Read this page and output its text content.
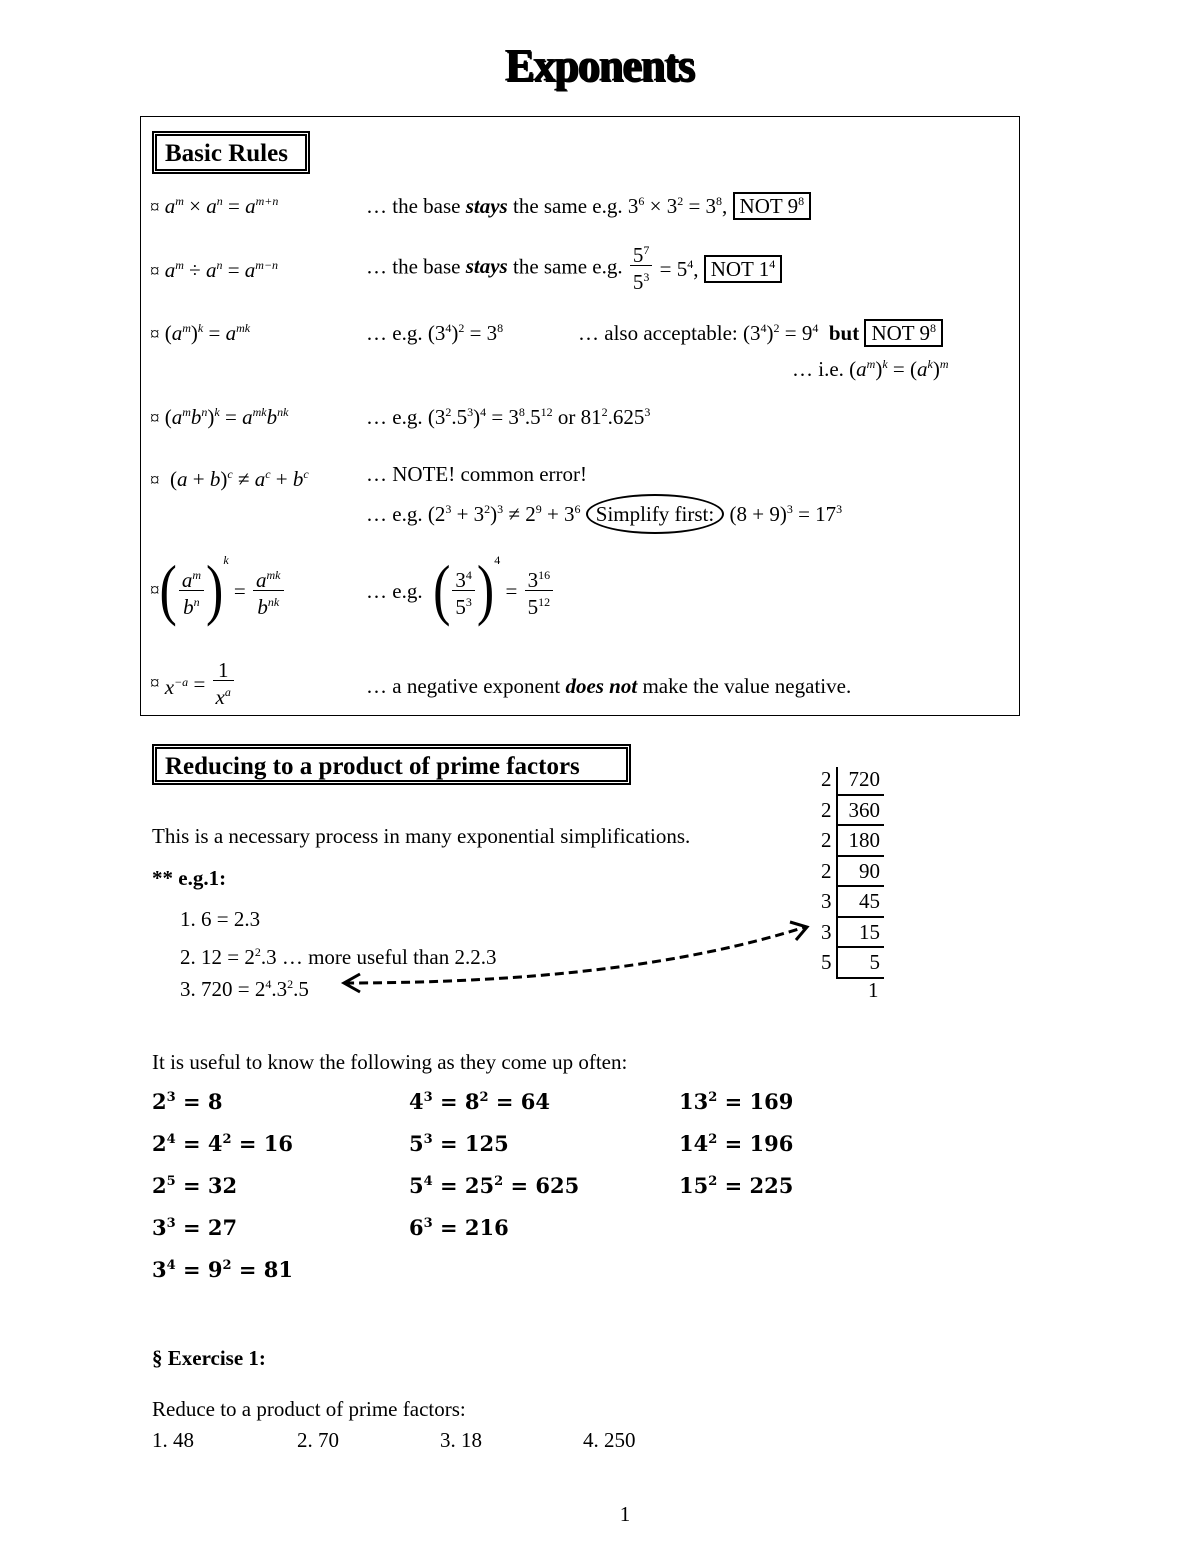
Exponents
Basic Rules
¤ $a^m \times a^n = a^{m+n}$	… the base stays the same e.g. $3^6 \times 3^2 = 3^8$, NOT $9^8$
¤ $a^m \div a^n = a^{m-n}$	… the base stays the same e.g. $\frac{5^7}{5^3} = 5^4$, NOT $1^4$
¤ $(a^m)^k = a^{mk}$	… e.g. $(3^4)^2 = 3^8$	… also acceptable: $(3^4)^2 = 9^4$ but NOT $9^8$
… i.e. $(a^m)^k = (a^k)^m$
¤ $(a^mb^n)^k = a^{mk}b^{nk}$	… e.g. $(3^2.5^3)^4 = 3^8.5^{12}$ or $81^2.625^3$
¤  $(a + b)^c \ne a^c + b^c$	… NOTE! common error!
… e.g. $(2^3 + 3^2)^3 \ne 2^9 + 3^6$ Simplify first: $(8 + 9)^3 = 17^3$
¤( $\frac{a^m}{b^n} )^k = \frac{a^{mk}}{b^{nk}}$	… e.g.  ( $\frac{3^4}{5^3} )^4 = \frac{3^{16}}{5^{12}}$
¤ $x^{-a} = \frac{1}{x^a}$	… a negative exponent does not make the value negative.
Reducing to a product of prime factors
This is a necessary process in many exponential simplifications.
** e.g.1:
1. 6 = 2.3
2. $12 = 2^2.3$ … more useful than 2.2.3
3. $720 = 2^4.3^2.5$
2 720
2 360
2 180
2 90
3 45
3 15
5 5
1
It is useful to know the following as they come up often:
$2^3 = 8$	$4^3 = 8^2 = 64$	$13^2 = 169$
$2^4 = 4^2 = 16$	$5^3 = 125$	$14^2 = 196$
$2^5 = 32$	$5^4 = 25^2 = 625$	$15^2 = 225$
$3^3 = 27$	$6^3 = 216$	
$3^4 = 9^2 = 81$		
§ Exercise 1:
Reduce to a product of prime factors:
1. 48	2. 70	3. 18	4. 250
1
